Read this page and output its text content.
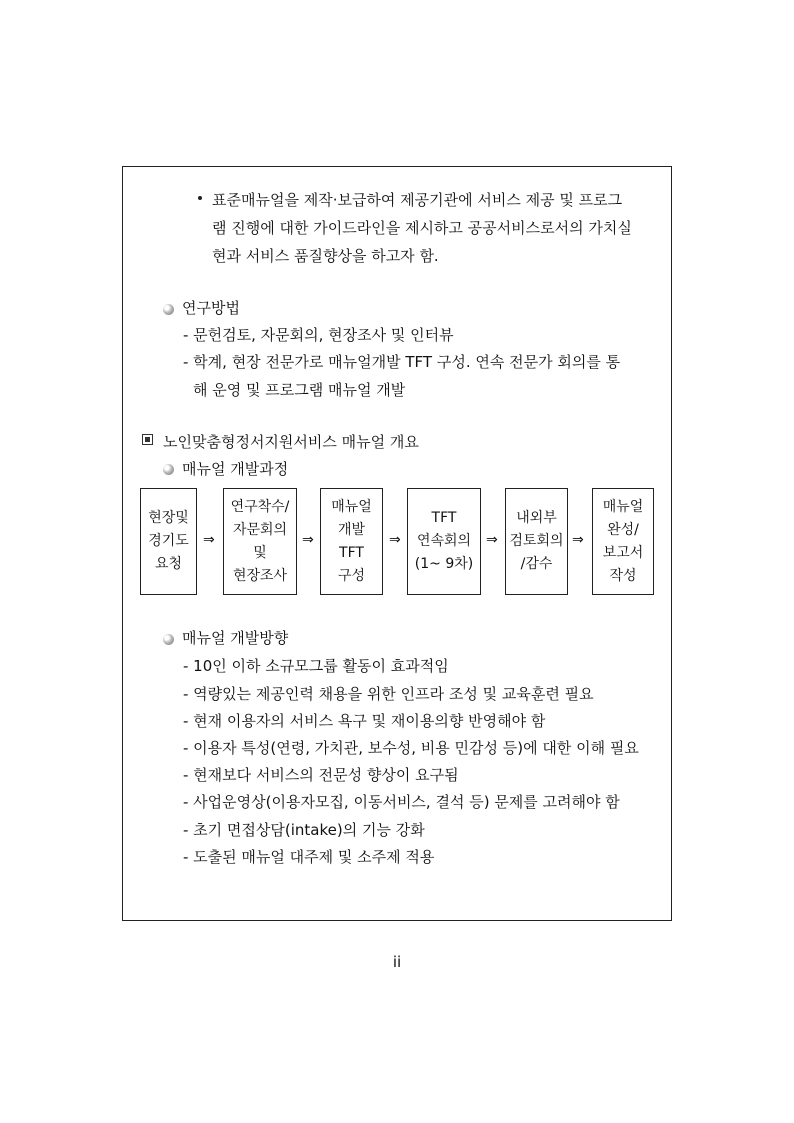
표준매뉴얼을 제작‧보급하여 제공기관에 서비스 제공 및 프로그
램 진행에 대한 가이드라인을 제시하고 공공서비스로서의 가치실
현과 서비스 품질향상을 하고자 함.
연구방법
- 문헌검토, 자문회의, 현장조사 및 인터뷰
- 학계, 현장 전문가로 매뉴얼개발 TFT 구성. 연속 전문가 회의를 통
해 운영 및 프로그램 매뉴얼 개발
노인맞춤형정서지원서비스 매뉴얼 개요
매뉴얼 개발과정
현장및
경기도
요청
⇒
연구착수/
자문회의
및
현장조사
⇒
매뉴얼
개발
TFT
구성
⇒
TFT
연속회의
(1~ 9차)
⇒
내외부
검토회의
/감수
⇒
매뉴얼
완성/
보고서
작성
매뉴얼 개발방향
- 10인 이하 소규모그룹 활동이 효과적임
- 역량있는 제공인력 채용을 위한 인프라 조성 및 교육훈련 필요
- 현재 이용자의 서비스 욕구 및 재이용의향 반영해야 함
- 이용자 특성(연령, 가치관, 보수성, 비용 민감성 등)에 대한 이해 필요
- 현재보다 서비스의 전문성 향상이 요구됨
- 사업운영상(이용자모집, 이동서비스, 결석 등) 문제를 고려해야 함
- 초기 면접상담(intake)의 기능 강화
- 도출된 매뉴얼 대주제 및 소주제 적용
ii
